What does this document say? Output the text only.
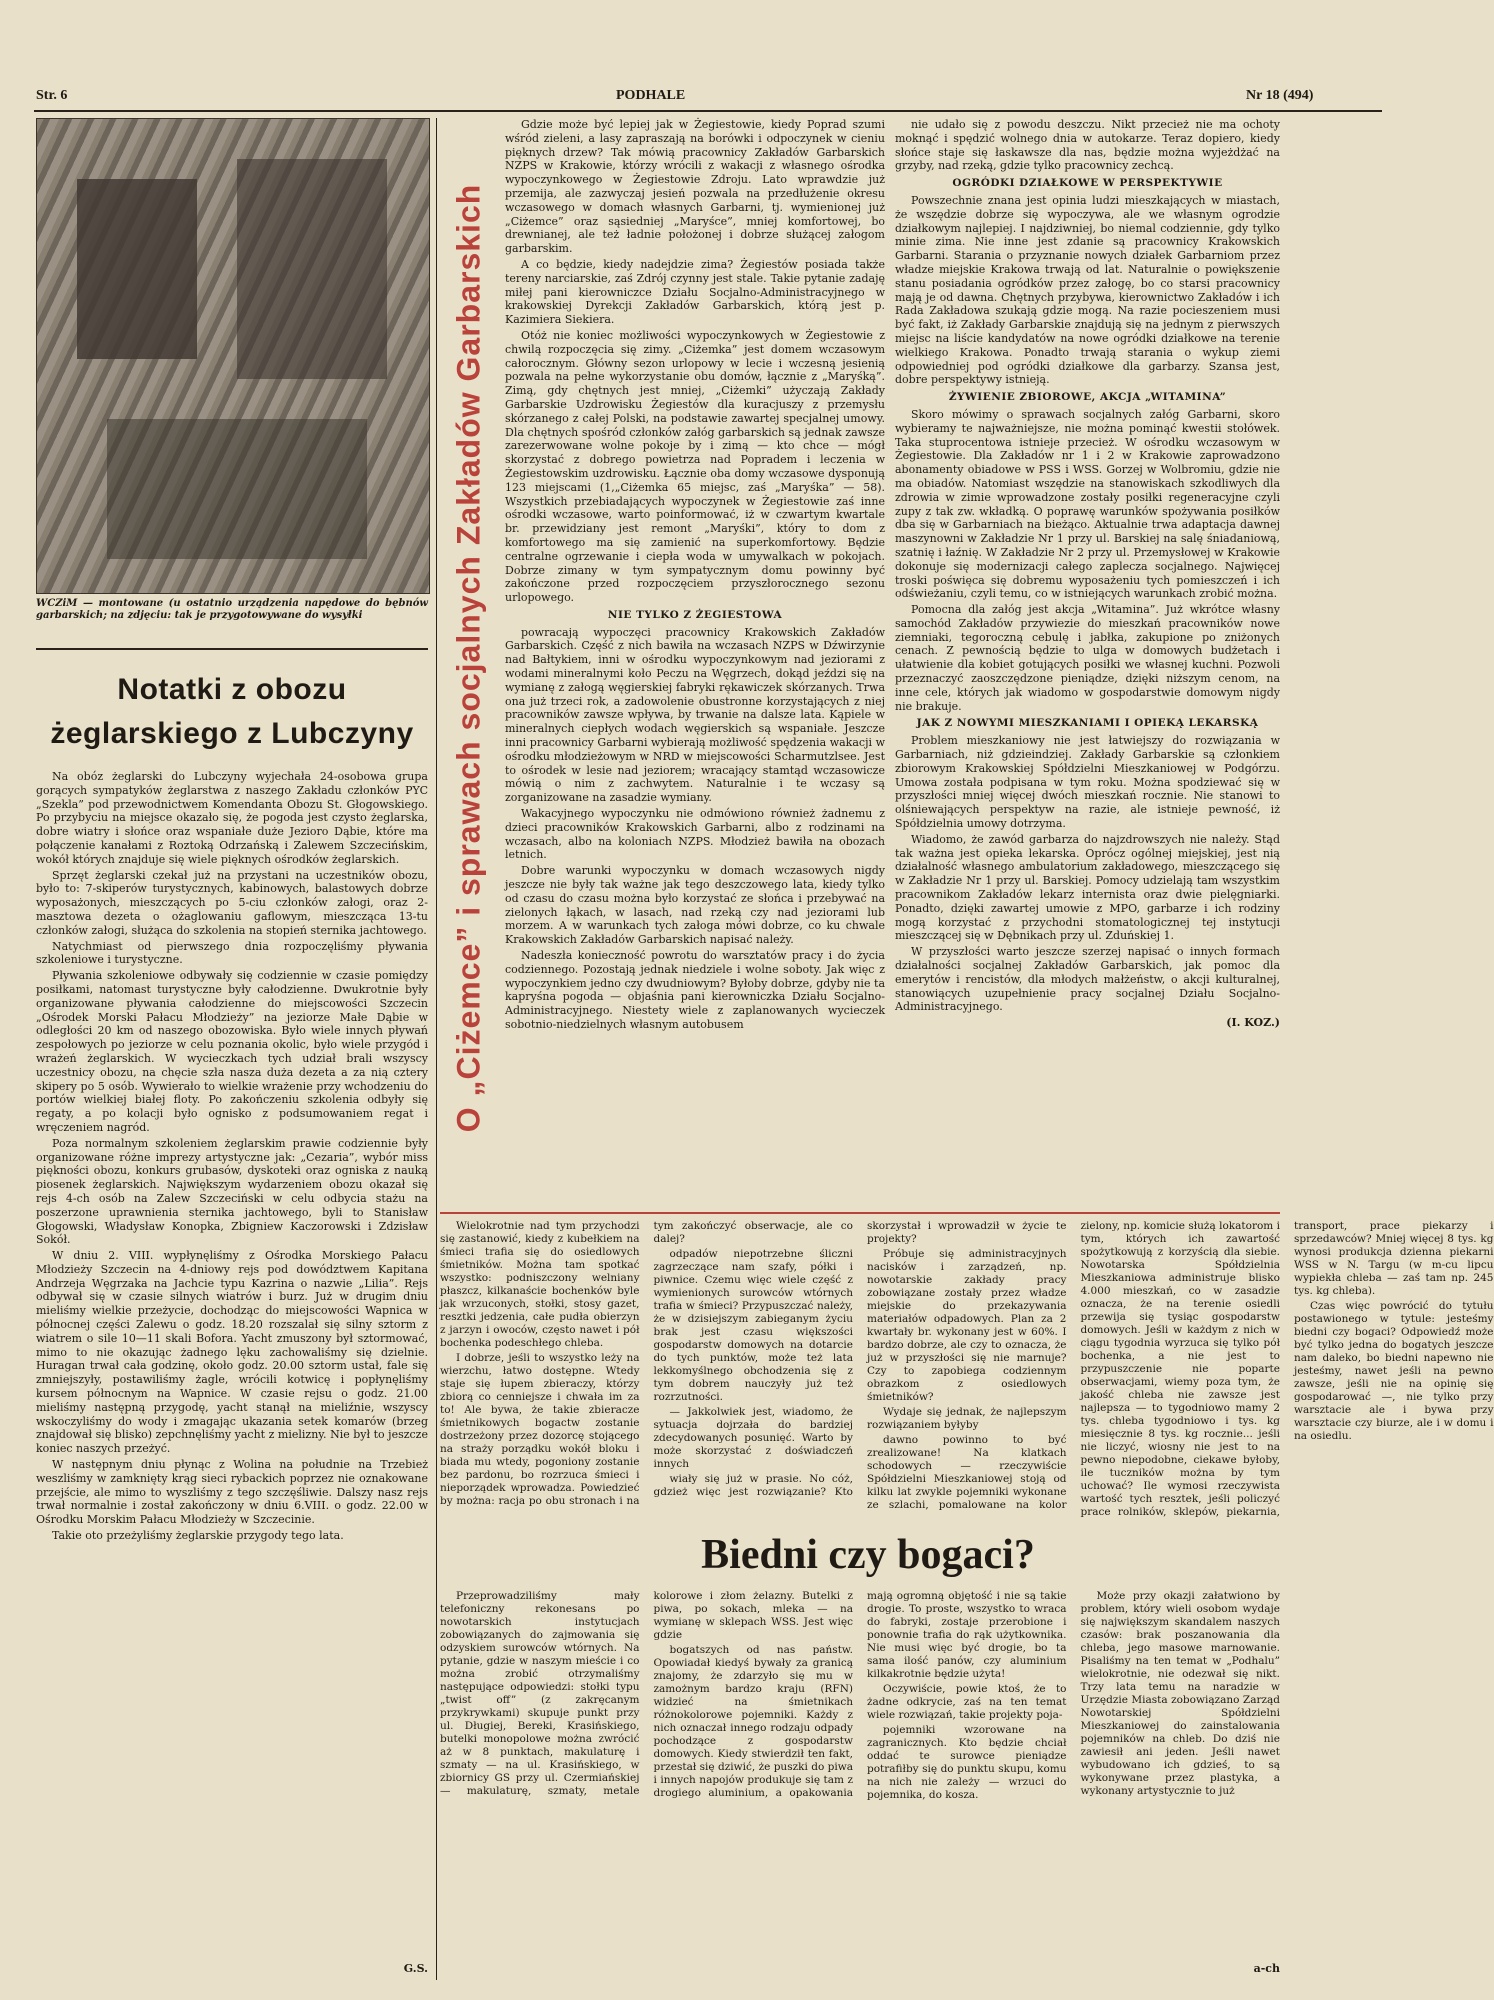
Str. 6	PODHALE	Nr 18 (494)
WCZiM — montowane (u ostatnio urządzenia napędowe do bębnów garbarskich; na zdjęciu: tak je przygotowywane do wysyłki
Notatki z obozu żeglarskiego z Lubczyny

Na obóz żeglarski do Lubczyny wyjechała 24-osobowa grupa gorących sympatyków żeglarstwa z naszego Zakładu członków PYC „Szekla” pod przewodnictwem Komendanta Obozu St. Głogowskiego. Po przybyciu na miejsce okazało się, że pogoda jest czysto żeglarska, dobre wiatry i słońce oraz wspaniałe duże Jezioro Dąbie, które ma połączenie kanałami z Roztoką Odrzańską i Zalewem Szczecińskim, wokół których znajduje się wiele pięknych ośrodków żeglarskich.

Sprzęt żeglarski czekał już na przystani na uczestników obozu, było to: 7-skiperów turystycznych, kabinowych, balastowych dobrze wyposażonych, mieszczących po 5-ciu członków załogi, oraz 2-masztowa dezeta o ożaglowaniu gaflowym, mieszcząca 13-tu członków załogi, służąca do szkolenia na stopień sternika jachtowego.

Natychmiast od pierwszego dnia rozpoczęliśmy pływania szkoleniowe i turystyczne.

Pływania szkoleniowe odbywały się codziennie w czasie pomiędzy posiłkami, natomast turystyczne były całodzienne. Dwukrotnie były organizowane pływania całodzienne do miejscowości Szczecin „Ośrodek Morski Pałacu Młodzieży” na jeziorze Małe Dąbie w odległości 20 km od naszego obozowiska. Było wiele innych pływań zespołowych po jeziorze w celu poznania okolic, było wiele przygód i wrażeń żeglarskich. W wycieczkach tych udział brali wszyscy uczestnicy obozu, na chęcie szła nasza duża dezeta a za nią cztery skipery po 5 osób. Wywierało to wielkie wrażenie przy wchodzeniu do portów wielkiej białej floty. Po zakończeniu szkolenia odbyły się regaty, a po kolacji było ognisko z podsumowaniem regat i wręczeniem nagród.

Poza normalnym szkoleniem żeglarskim prawie codziennie były organizowane różne imprezy artystyczne jak: „Cezaria”, wybór miss piękności obozu, konkurs grubasów, dyskoteki oraz ogniska z nauką piosenek żeglarskich. Największym wydarzeniem obozu okazał się rejs 4-ch osób na Zalew Szczeciński w celu odbycia stażu na poszerzone uprawnienia sternika jachtowego, byli to Stanisław Głogowski, Władysław Konopka, Zbigniew Kaczorowski i Zdzisław Sokół.

W dniu 2. VIII. wypłynęliśmy z Ośrodka Morskiego Pałacu Młodzieży Szczecin na 4-dniowy rejs pod dowództwem Kapitana Andrzeja Węgrzaka na Jachcie typu Kazrina o nazwie „Lilia”. Rejs odbywał się w czasie silnych wiatrów i burz. Już w drugim dniu mieliśmy wielkie przeżycie, dochodząc do miejscowości Wapnica w północnej części Zalewu o godz. 18.20 rozszalał się silny sztorm z wiatrem o sile 10—11 skali Bofora. Yacht zmuszony był sztormować, mimo to nie okazując żadnego lęku zachowaliśmy się dzielnie. Huragan trwał cała godzinę, około godz. 20.00 sztorm ustał, fale się zmniejszyły, postawiliśmy żagle, wrócili kotwicę i popłynęliśmy kursem północnym na Wapnice. W czasie rejsu o godz. 21.00 mieliśmy następną przygodę, yacht stanął na mieliźnie, wszyscy wskoczyliśmy do wody i zmagając ukazania setek komarów (brzeg znajdował się blisko) zepchnęliśmy yacht z mielizny. Nie był to jeszcze koniec naszych przeżyć.

W następnym dniu płynąc z Wolina na południe na Trzebież weszliśmy w zamknięty krąg sieci rybackich poprzez nie oznakowane przejście, ale mimo to wyszliśmy z tego szczęśliwie. Dalszy nasz rejs trwał normalnie i został zakończony w dniu 6.VIII. o godz. 22.00 w Ośrodku Morskim Pałacu Młodzieży w Szczecinie.

Takie oto przeżyliśmy żeglarskie przygody tego lata.

G.S.
O „Ciżemce” i sprawach socjalnych Zakładów Garbarskich

Gdzie może być lepiej jak w Żegiestowie, kiedy Poprad szumi wśród zieleni, a lasy zapraszają na borówki i odpoczynek w cieniu pięknych drzew? Tak mówią pracownicy Zakładów Garbarskich NZPS w Krakowie, którzy wrócili z wakacji z własnego ośrodka wypoczynkowego w Żegiestowie Zdroju. Lato wprawdzie już przemija, ale zazwyczaj jesień pozwala na przedłużenie okresu wczasowego w domach własnych Garbarni, tj. wymienionej już „Ciżemce” oraz sąsiedniej „Maryśce”, mniej komfortowej, bo drewnianej, ale też ładnie położonej i dobrze służącej załogom garbarskim.

A co będzie, kiedy nadejdzie zima? Żegiestów posiada także tereny narciarskie, zaś Zdrój czynny jest stale. Takie pytanie zadaję miłej pani kierowniczce Działu Socjalno-Administracyjnego w krakowskiej Dyrekcji Zakładów Garbarskich, którą jest p. Kazimiera Siekiera.

Otóż nie koniec możliwości wypoczynkowych w Żegiestowie z chwilą rozpoczęcia się zimy. „Ciżemka” jest domem wczasowym całorocznym. Główny sezon urlopowy w lecie i wczesną jesienią pozwala na pełne wykorzystanie obu domów, łącznie z „Maryśką”. Zimą, gdy chętnych jest mniej, „Ciżemki” użyczają Zakłady Garbarskie Uzdrowisku Żegiestów dla kuracjuszy z przemysłu skórzanego z całej Polski, na podstawie zawartej specjalnej umowy. Dla chętnych spośród członków załóg garbarskich są jednak zawsze zarezerwowane wolne pokoje by i zimą — kto chce — mógł skorzystać z dobrego powietrza nad Popradem i leczenia w Żegiestowskim uzdrowisku. Łącznie oba domy wczasowe dysponują 123 miejscami (1,„Ciżemka 65 miejsc, zaś „Maryśka” — 58). Wszystkich przebiadających wypoczynek w Żegiestowie zaś inne ośrodki wczasowe, warto poinformować, iż w czwartym kwartale br. przewidziany jest remont „Maryśki”, który to dom z komfortowego ma się zamienić na superkomfortowy. Będzie centralne ogrzewanie i ciepła woda w umywalkach w pokojach. Dobrze zimany w tym sympatycznym domu powinny być zakończone przed rozpoczęciem przyszłorocznego sezonu urlopowego.

NIE TYLKO Z ŻEGIESTOWA

powracają wypoczęci pracownicy Krakowskich Zakładów Garbarskich. Część z nich bawiła na wczasach NZPS w Dźwirzynie nad Bałtykiem, inni w ośrodku wypoczynkowym nad jeziorami z wodami mineralnymi koło Peczu na Węgrzech, dokąd jeździ się na wymianę z załogą węgierskiej fabryki rękawiczek skórzanych. Trwa ona już trzeci rok, a zadowolenie obustronne korzystających z niej pracowników zawsze wpływa, by trwanie na dalsze lata. Kąpiele w mineralnych ciepłych wodach węgierskich są wspaniałe. Jeszcze inni pracownicy Garbarni wybierają możliwość spędzenia wakacji w ośrodku młodzieżowym w NRD w miejscowości Scharmutzlsee. Jest to ośrodek w lesie nad jeziorem; wracający stamtąd wczasowicze mówią o nim z zachwytem. Naturalnie i te wczasy są zorganizowane na zasadzie wymiany.

Wakacyjnego wypoczynku nie odmówiono również żadnemu z dzieci pracowników Krakowskich Garbarni, albo z rodzinami na wczasach, albo na koloniach NZPS. Młodzież bawiła na obozach letnich.

Dobre warunki wypoczynku w domach wczasowych nigdy jeszcze nie były tak ważne jak tego deszczowego lata, kiedy tylko od czasu do czasu można było korzystać ze słońca i przebywać na zielonych łąkach, w lasach, nad rzeką czy nad jeziorami lub morzem. A w warunkach tych załoga mówi dobrze, co ku chwale Krakowskich Zakładów Garbarskich napisać należy.

Nadeszła konieczność powrotu do warsztatów pracy i do życia codziennego. Pozostają jednak niedziele i wolne soboty. Jak więc z wypoczynkiem jedno czy dwudniowym? Byłoby dobrze, gdyby nie ta kapryśna pogoda — objaśnia pani kierowniczka Działu Socjalno-Administracyjnego. Niestety wiele z zaplanowanych wycieczek sobotnio-niedzielnych własnym autobusem

nie udało się z powodu deszczu. Nikt przecież nie ma ochoty moknąć i spędzić wolnego dnia w autokarze. Teraz dopiero, kiedy słońce staje się łaskawsze dla nas, będzie można wyjeżdżać na grzyby, nad rzeką, gdzie tylko pracownicy zechcą.

OGRÓDKI DZIAŁKOWE W PERSPEKTYWIE

Powszechnie znana jest opinia ludzi mieszkających w miastach, że wszędzie dobrze się wypoczywa, ale we własnym ogrodzie działkowym najlepiej. I najdziwniej, bo niemal codziennie, gdy tylko minie zima. Nie inne jest zdanie są pracownicy Krakowskich Garbarni. Starania o przyznanie nowych działek Garbarniom przez władze miejskie Krakowa trwają od lat. Naturalnie o powiększenie stanu posiadania ogródków przez załogę, bo co starsi pracownicy mają je od dawna. Chętnych przybywa, kierownictwo Zakładów i ich Rada Zakładowa szukają gdzie mogą. Na razie pocieszeniem musi być fakt, iż Zakłady Garbarskie znajdują się na jednym z pierwszych miejsc na liście kandydatów na nowe ogródki działkowe na terenie wielkiego Krakowa. Ponadto trwają starania o wykup ziemi odpowiedniej pod ogródki działkowe dla garbarzy. Szansa jest, dobre perspektywy istnieją.

ŻYWIENIE ZBIOROWE, AKCJA „WITAMINA”

Skoro mówimy o sprawach socjalnych załóg Garbarni, skoro wybieramy te najważniejsze, nie można pominąć kwestii stołówek. Taka stuprocentowa istnieje przecież. W ośrodku wczasowym w Żegiestowie. Dla Zakładów nr 1 i 2 w Krakowie zaprowadzono abonamenty obiadowe w PSS i WSS. Gorzej w Wolbromiu, gdzie nie ma obiadów. Natomiast wszędzie na stanowiskach szkodliwych dla zdrowia w zimie wprowadzone zostały posiłki regeneracyjne czyli zupy z tak zw. wkładką. O poprawę warunków spożywania posiłków dba się w Garbarniach na bieżąco. Aktualnie trwa adaptacja dawnej maszynowni w Zakładzie Nr 1 przy ul. Barskiej na salę śniadaniową, szatnię i łaźnię. W Zakładzie Nr 2 przy ul. Przemysłowej w Krakowie dokonuje się modernizacji całego zaplecza socjalnego. Najwięcej troski poświęca się dobremu wyposażeniu tych pomieszczeń i ich odświeżaniu, czyli temu, co w istniejących warunkach zrobić można.

Pomocna dla załóg jest akcja „Witamina”. Już wkrótce własny samochód Zakładów przywiezie do mieszkań pracowników nowe ziemniaki, tegoroczną cebulę i jabłka, zakupione po zniżonych cenach. Z pewnością będzie to ulga w domowych budżetach i ułatwienie dla kobiet gotujących posiłki we własnej kuchni. Pozwoli przeznaczyć zaoszczędzone pieniądze, dzięki niższym cenom, na inne cele, których jak wiadomo w gospodarstwie domowym nigdy nie brakuje.

JAK Z NOWYMI MIESZKANIAMI I OPIEKĄ LEKARSKĄ

Problem mieszkaniowy nie jest łatwiejszy do rozwiązania w Garbarniach, niż gdzieindziej. Zakłady Garbarskie są członkiem zbiorowym Krakowskiej Spółdzielni Mieszkaniowej w Podgórzu. Umowa została podpisana w tym roku. Można spodziewać się w przyszłości mniej więcej dwóch mieszkań rocznie. Nie stanowi to olśniewających perspektyw na razie, ale istnieje pewność, iż Spółdzielnia umowy dotrzyma.

Wiadomo, że zawód garbarza do najzdrowszych nie należy. Stąd tak ważna jest opieka lekarska. Oprócz ogólnej miejskiej, jest nią działalność własnego ambulatorium zakładowego, mieszczącego się w Zakładzie Nr 1 przy ul. Barskiej. Pomocy udzielają tam wszystkim pracownikom Zakładów lekarz internista oraz dwie pielęgniarki. Ponadto, dzięki zawartej umowie z MPO, garbarze i ich rodziny mogą korzystać z przychodni stomatologicznej tej instytucji mieszczącej się w Dębnikach przy ul. Zduńskiej 1.

W przyszłości warto jeszcze szerzej napisać o innych formach działalności socjalnej Zakładów Garbarskich, jak pomoc dla emerytów i rencistów, dla młodych małżeństw, o akcji kulturalnej, stanowiących uzupełnienie pracy socjalnej Działu Socjalno-Administracyjnego.

(I. KOZ.)

Wielokrotnie nad tym przychodzi się zastanowić, kiedy z kubełkiem na śmieci trafia się do osiedlowych śmietników. Można tam spotkać wszystko: podniszczony welniany płaszcz, kilkanaście bochenków byle jak wrzuconych, stołki, stosy gazet, resztki jedzenia, całe pudła obierzyn z jarzyn i owoców, często nawet i pół bochenka podeschłego chleba.

I dobrze, jeśli to wszystko leży na wierzchu, łatwo dostępne. Wtedy staje się łupem zbieraczy, którzy zbiorą co cenniejsze i chwała im za to! Ale bywa, że takie zbieracze śmietnikowych bogactw zostanie dostrzeżony przez dozorcę stojącego na straży porządku wokół bloku i biada mu wtedy, pogoniony zostanie bez pardonu, bo rozrzuca śmieci i nieporządek wprowadza. Powiedzieć by można: racja po obu stronach i na tym zakończyć obserwacje, ale co dalej?

odpadów niepotrzebne śliczni zagrzeczące nam szafy, półki i piwnice. Czemu więc wiele część z wymienionych surowców wtórnych trafia w śmieci? Przypuszczać należy, że w dzisiejszym zabieganym życiu brak jest czasu większości gospodarstw domowych na dotarcie do tych punktów, może też lata lekkomyślnego obchodzenia się z tym dobrem nauczyły już też rozrzutności.

— Jakkolwiek jest, wiadomo, że sytuacja dojrzała do bardziej zdecydowanych posunięć. Warto by może skorzystać z doświadczeń innych

wiały się już w prasie. No cóż, gdzież więc jest rozwiązanie? Kto skorzystał i wprowadził w życie te projekty?

Próbuje się administracyjnych nacisków i zarządzeń, np. nowotarskie zakłady pracy zobowiązane zostały przez władze miejskie do przekazywania materiałów odpadowych. Plan za 2 kwartały br. wykonany jest w 60%. I bardzo dobrze, ale czy to oznacza, że już w przyszłości się nie marnuje? Czy to zapobiega codziennym obrazkom z osiedlowych śmietników?

Wydaje się jednak, że najlepszym rozwiązaniem byłyby

dawno powinno to być zrealizowane! Na klatkach schodowych — rzeczywiście Spółdzielni Mieszkaniowej stoją od kilku lat zwykle pojemniki wykonane ze szlachi, pomalowane na kolor zielony, np. komicie służą lokatorom i tym, których ich zawartość spożytkowują z korzyścią dla siebie. Nowotarska Spółdzielnia Mieszkaniowa administruje blisko 4.000 mieszkań, co w zasadzie oznacza, że na terenie osiedli przewija się tysiąc gospodarstw domowych. Jeśli w każdym z nich w ciągu tygodnia wyrzuca się tylko pół bochenka, a nie jest to przypuszczenie nie poparte obserwacjami, wiemy poza tym, że jakość chleba nie zawsze jest najlepsza — to tygodniowo mamy 2 tys. chleba tygodniowo i tys. kg miesięcznie 8 tys. kg rocznie... jeśli nie liczyć, wiosny nie jest to na pewno niepodobne, ciekawe byłoby, ile tuczników można by tym uchować? Ile wymosi rzeczywista wartość tych resztek, jeśli policzyć prace rolników, sklepów, piekarnia, transport, prace piekarzy i sprzedawców? Mniej więcej 8 tys. kg wynosi produkcja dzienna piekarni WSS w N. Targu (w m-cu lipcu wypiekła chleba — zaś tam np. 245 tys. kg chleba).

Czas więc powrócić do tytułu postawionego w tytule: jesteśmy biedni czy bogaci? Odpowiedź może być tylko jedna do bogatych jeszcze nam daleko, bo biedni napewno nie jesteśmy, nawet jeśli na pewno zawsze, jeśli nie na opinię się gospodarować —, nie tylko przy warsztacie ale i bywa przy warsztacie czy biurze, ale i w domu i na osiedlu.

Biedni czy bogaci?

Przeprowadziliśmy mały telefoniczny rekonesans po nowotarskich instytucjach zobowiązanych do zajmowania się odzyskiem surowców wtórnych. Na pytanie, gdzie w naszym mieście i co można zrobić otrzymaliśmy następujące odpowiedzi: stołki typu „twist off” (z zakręcanym przykrywkami) skupuje punkt przy ul. Długiej, Bereki, Krasińskiego, butelki monopolowe można zwrócić aż w 8 punktach, makulaturę i szmaty — na ul. Krasińskiego, w zbiornicy GS przy ul. Czermiańskiej — makulaturę, szmaty, metale kolorowe i złom żelazny. Butelki z piwa, po sokach, mleka — na wymianę w sklepach WSS. Jest więc gdzie

bogatszych od nas państw. Opowiadał kiedyś bywały za granicą znajomy, że zdarzyło się mu w zamożnym bardzo kraju (RFN) widzieć na śmietnikach różnokolorowe pojemniki. Każdy z nich oznaczał innego rodzaju odpady pochodzące z gospodarstw domowych. Kiedy stwierdził ten fakt, przestał się dziwić, że puszki do piwa i innych napojów produkuje się tam z drogiego aluminium, a opakowania mają ogromną objętość i nie są takie drogie. To proste, wszystko to wraca do fabryki, zostaje przerobione i ponownie trafia do rąk użytkownika. Nie musi więc być drogie, bo ta sama ilość panów, czy aluminium kilkakrotnie będzie użyta!

Oczywiście, powie ktoś, że to żadne odkrycie, zaś na ten temat wiele rozwiązań, takie projekty poja-

pojemniki wzorowane na zagranicznych. Kto będzie chciał oddać te surowce pieniądze potrafiłby się do punktu skupu, komu na nich nie zależy — wrzuci do pojemnika, do kosza.

Może przy okazji załatwiono by problem, który wieli osobom wydaje się największym skandalem naszych czasów: brak poszanowania dla chleba, jego masowe marnowanie. Pisaliśmy na ten temat w „Podhalu” wielokrotnie, nie odezwał się nikt. Trzy lata temu na naradzie w Urzędzie Miasta zobowiązano Zarząd Nowotarskiej Spółdzielni Mieszkaniowej do zainstalowania pojemników na chleb. Do dziś nie zawiesił ani jeden. Jeśli nawet wybudowano ich gdzieś, to są wykonywane przez plastyka, a wykonany artystycznie to już

a-ch
